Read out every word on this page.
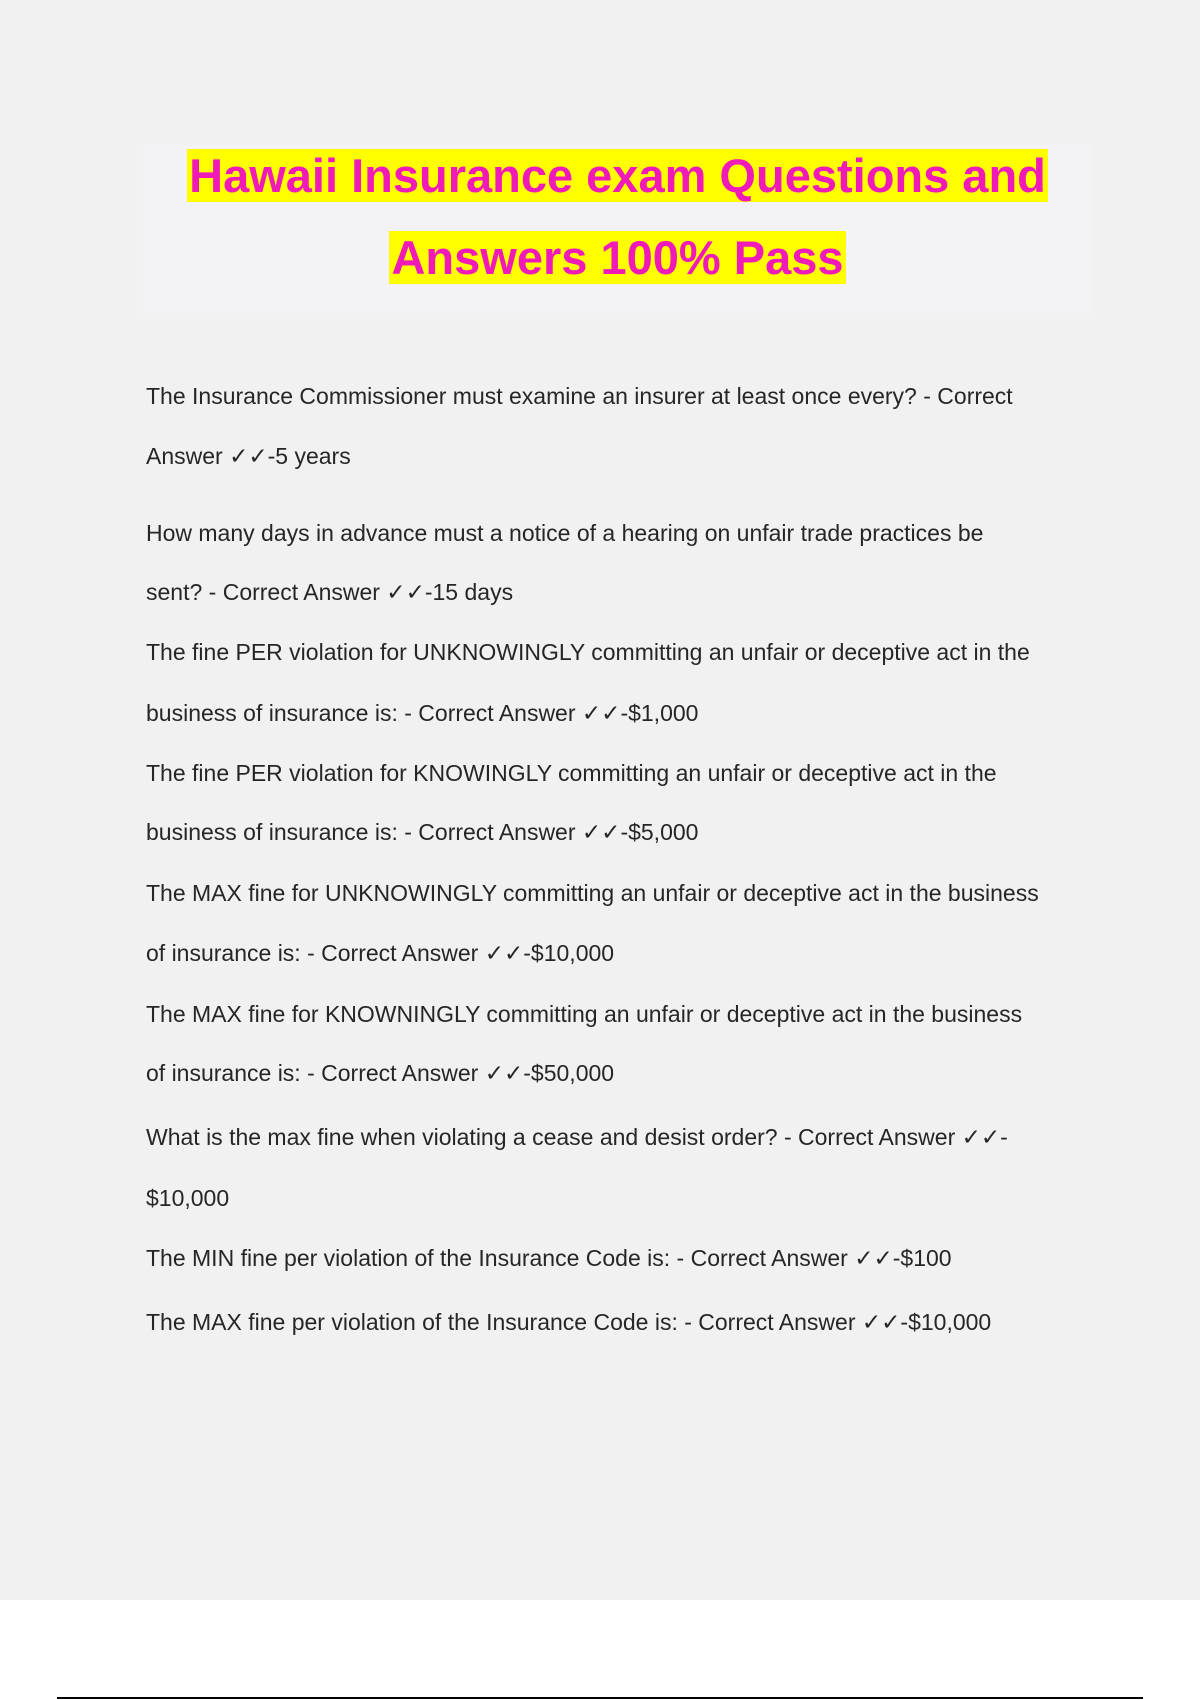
Hawaii Insurance exam Questions and
Answers 100% Pass
The Insurance Commissioner must examine an insurer at least once every? - Correct
Answer ✓✓-5 years
How many days in advance must a notice of a hearing on unfair trade practices be
sent? - Correct Answer ✓✓-15 days
The fine PER violation for UNKNOWINGLY committing an unfair or deceptive act in the
business of insurance is: - Correct Answer ✓✓-$1,000
The fine PER violation for KNOWINGLY committing an unfair or deceptive act in the
business of insurance is: - Correct Answer ✓✓-$5,000
The MAX fine for UNKNOWINGLY committing an unfair or deceptive act in the business
of insurance is: - Correct Answer ✓✓-$10,000
The MAX fine for KNOWNINGLY committing an unfair or deceptive act in the business
of insurance is: - Correct Answer ✓✓-$50,000
What is the max fine when violating a cease and desist order? - Correct Answer ✓✓-
$10,000
The MIN fine per violation of the Insurance Code is: - Correct Answer ✓✓-$100
The MAX fine per violation of the Insurance Code is: - Correct Answer ✓✓-$10,000
